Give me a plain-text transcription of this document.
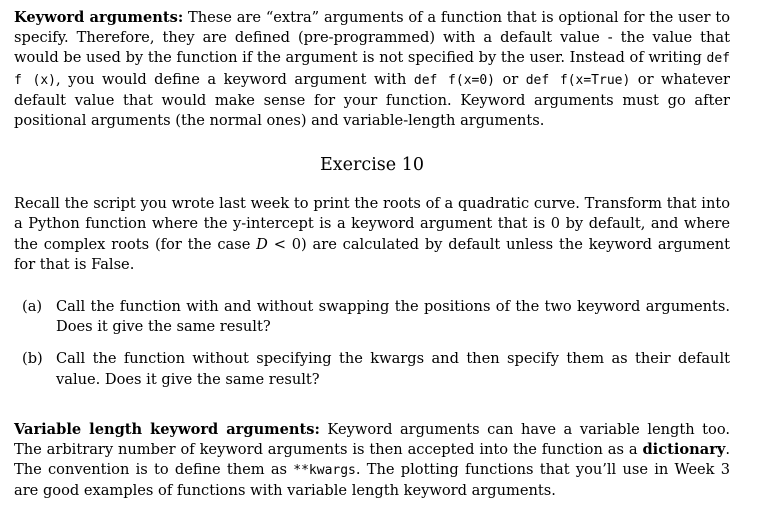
Keyword arguments: These are “extra” arguments of a function that is optional for the user to specify. Therefore, they are defined (pre-programmed) with a default value - the value that would be used by the function if the argument is not specified by the user. Instead of writing def f (x), you would define a keyword argument with def f(x=0) or def f(x=True) or whatever default value that would make sense for your function. Keyword arguments must go after positional arguments (the normal ones) and variable-length arguments.

Exercise 10

Recall the script you wrote last week to print the roots of a quadratic curve. Transform that into a Python function where the y-intercept is a keyword argument that is 0 by default, and where the complex roots (for the case D < 0) are calculated by default unless the keyword argument for that is False.

(a) Call the function with and without swapping the positions of the two keyword arguments. Does it give the same result?

(b) Call the function without specifying the kwargs and then specify them as their default value. Does it give the same result?

Variable length keyword arguments: Keyword arguments can have a variable length too. The arbitrary number of keyword arguments is then accepted into the function as a dictionary. The convention is to define them as **kwargs. The plotting functions that you’ll use in Week 3 are good examples of functions with variable length keyword arguments.
